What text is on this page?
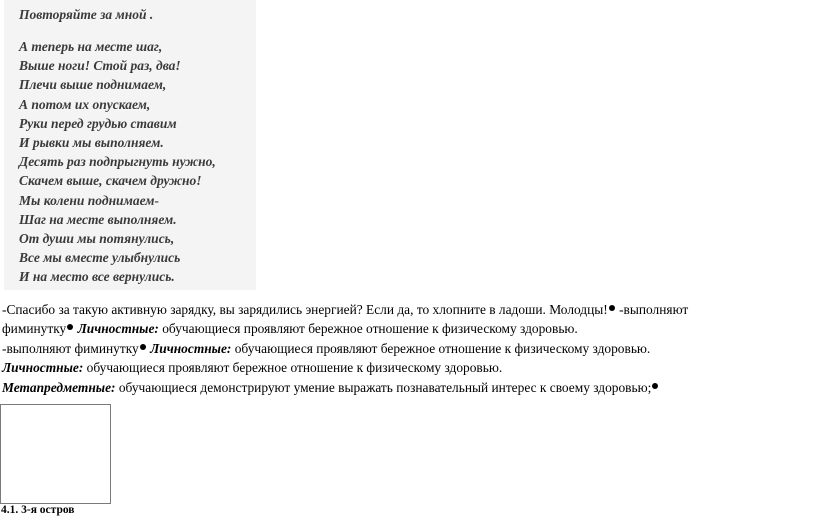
Повторяйте за мной .
А теперь на месте шаг,
Выше ноги! Стой раз, два!
Плечи выше поднимаем,
А потом их опускаем,
Руки перед грудью ставим
И рывки мы выполняем.
Десять раз подпрыгнуть нужно,
Скачем выше, скачем дружно!
Мы колени поднимаем-
Шаг на месте выполняем.
От души мы потянулись,
Все мы вместе улыбнулись
И на место все вернулись.
-Спасибо за такую активную зарядку, вы зарядились энергией? Если да, то хлопните в ладоши. Молодцы! -выполняют
фиминутку Личностные: обучающиеся проявляют бережное отношение к физическому здоровью.
-выполняют фиминутку Личностные: обучающиеся проявляют бережное отношение к физическому здоровью.
Личностные: обучающиеся проявляют бережное отношение к физическому здоровью.
Метапредметные: обучающиеся демонстрируют умение выражать познавательный интерес к своему здоровью;
4.1. 3-я остров
